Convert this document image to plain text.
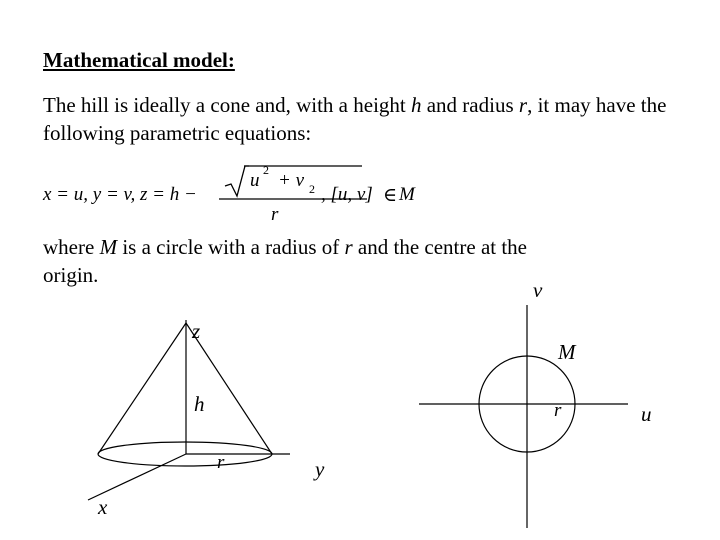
Mathematical model:

The hill is ideally a cone and, with a height h and radius r, it may have the following parametric equations:

x = u, y = v, z = h −
u 2 + v 2
r
, [u, v] ∈ M

where M is a circle with a radius of r and the centre at the origin.

z
h
r	y
x
v
M
r	u
